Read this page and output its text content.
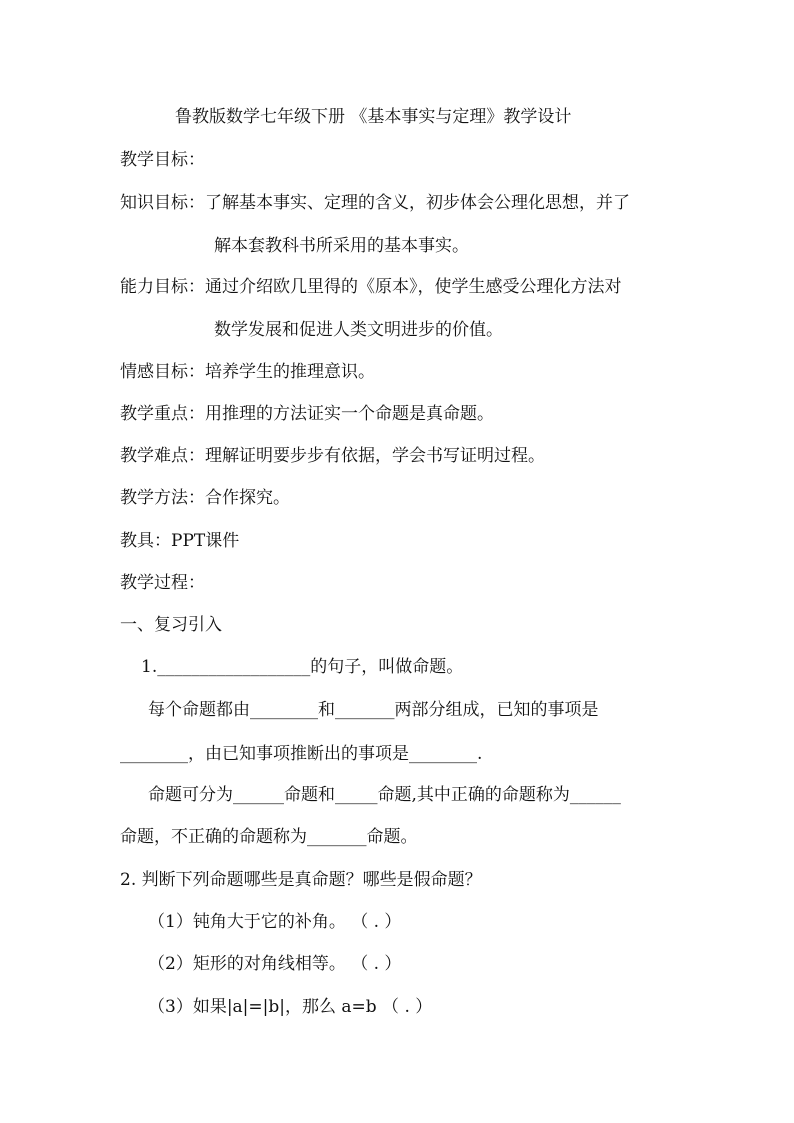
鲁教版数学七年级下册 《基本事实与定理》教学设计
教学目标：
知识目标：了解基本事实、定理的含义，初步体会公理化思想，并了
解本套教科书所采用的基本事实。
能力目标：通过介绍欧几里得的《原本》，使学生感受公理化方法对
数学发展和促进人类文明进步的价值。
情感目标：培养学生的推理意识。
教学重点：用推理的方法证实一个命题是真命题。
教学难点：理解证明要步步有依据，学会书写证明过程。
教学方法：合作探究。
教具：PPT课件
教学过程：
一、复习引入
1.__________________的句子，叫做命题。
每个命题都由________和_______两部分组成，已知的事项是
________，由已知事项推断出的事项是________.
命题可分为______命题和_____命题,其中正确的命题称为______
命题，不正确的命题称为_______命题。
2. 判断下列命题哪些是真命题？哪些是假命题？
（1）钝角大于它的补角。 （ . ）
（2）矩形的对角线相等。 （ . ）
（3）如果|a|=|b|，那么 a=b （ . ）
